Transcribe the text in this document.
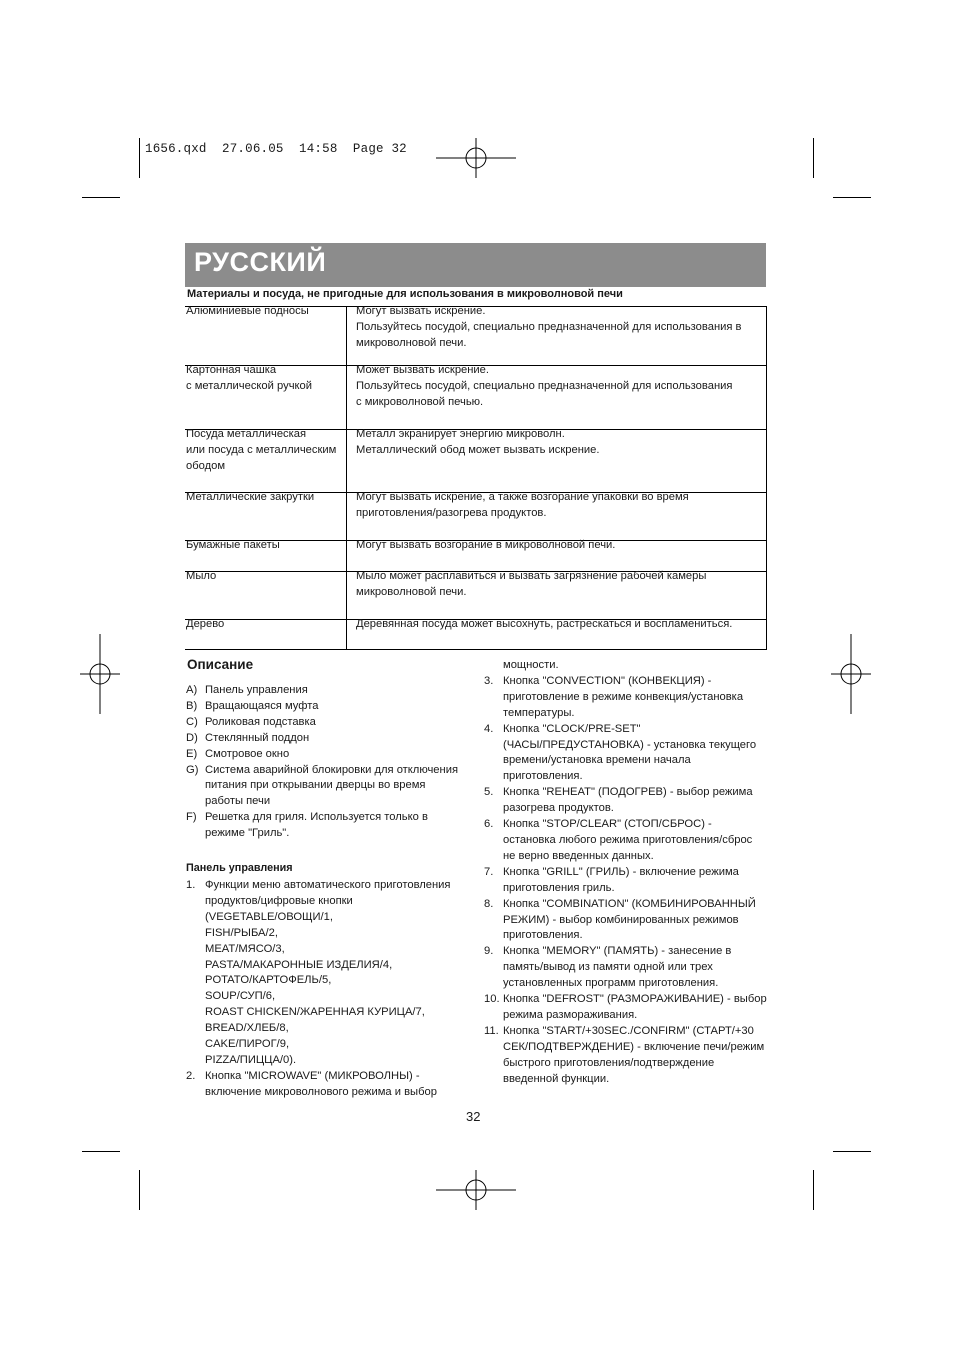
1656.qxd  27.06.05  14:58  Page 32
РУССКИЙ
Материалы и посуда, не пригодные для использования в микроволновой печи
Алюминиевые подносы	Могут вызвать искрение.
Пользуйтесь посудой, специально предназначенной для использования в
микроволновой печи.

Картонная чашка
с металлической ручкой	Может вызвать искрение.
Пользуйтесь посудой, специально предназначенной для использования
с микроволновой печью.

Посуда металлическая
или посуда с металлическим
ободом	Металл экранирует энергию микроволн.
Металлический обод может вызвать искрение.

Металлические закрутки	Могут вызвать искрение, а также возгорание упаковки во время
приготовления/разогрева продуктов.

Бумажные пакеты	Могут вызвать возгорание в микроволновой печи.

Мыло	Мыло может расплавиться и вызвать загрязнение рабочей камеры
микроволновой печи.

Дерево	Деревянная посуда может высохнуть, растрескаться и воспламениться.
Описание
A) Панель управления
B) Вращающаяся муфта
C) Роликовая подставка
D) Стеклянный поддон
E) Смотровое окно
G) Система аварийной блокировки для отключения
питания при открывании дверцы во время
работы печи
F) Решетка для гриля. Используется только в
режиме "Гриль".
Панель управления
1. Функции меню автоматического приготовления
продуктов/цифровые кнопки
(VEGETABLE/ОВОЩИ/1,
FISH/РЫБА/2,
MEAT/МЯСО/3,
PASTA/МАКАРОННЫЕ ИЗДЕЛИЯ/4,
POTATO/КАРТОФЕЛЬ/5,
SOUP/СУП/6,
ROAST CHICKEN/ЖАРЕННАЯ КУРИЦА/7,
BREAD/ХЛЕБ/8,
CAKE/ПИРОГ/9,
PIZZA/ПИЦЦА/0).
2. Кнопка "MICROWAVE" (МИКРОВОЛНЫ) -
включение микроволнового режима и выбор
мощности.
3. Кнопка "CONVECTION" (КОНВЕКЦИЯ) -
приготовление в режиме конвекция/установка
температуры.
4. Кнопка "CLOCK/PRE-SET"
(ЧАСЫ/ПРЕДУСТАНОВКА) - установка текущего
времени/установка времени начала
приготовления.
5. Кнопка "REHEAT" (ПОДОГРЕВ) - выбор режима
разогрева продуктов.
6. Кнопка "STOP/CLEAR" (СТОП/СБРОС) -
остановка любого режима приготовления/сброс
не верно введенных данных.
7. Кнопка "GRILL" (ГРИЛЬ) - включение режима
приготовления гриль.
8. Кнопка "COMBINATION" (КОМБИНИРОВАННЫЙ
РЕЖИМ) - выбор комбинированных режимов
приготовления.
9. Кнопка "MEMORY" (ПАМЯТЬ) - занесение в
память/вывод из памяти одной или трех
установленных программ приготовления.
10. Кнопка "DEFROST" (РАЗМОРАЖИВАНИЕ) - выбор
режима размораживания.
11. Кнопка "START/+30SEC./CONFIRM" (СТАРТ/+30
СЕК/ПОДТВЕРЖДЕНИЕ) - включение печи/режим
быстрого приготовления/подтверждение
введенной функции.
32
